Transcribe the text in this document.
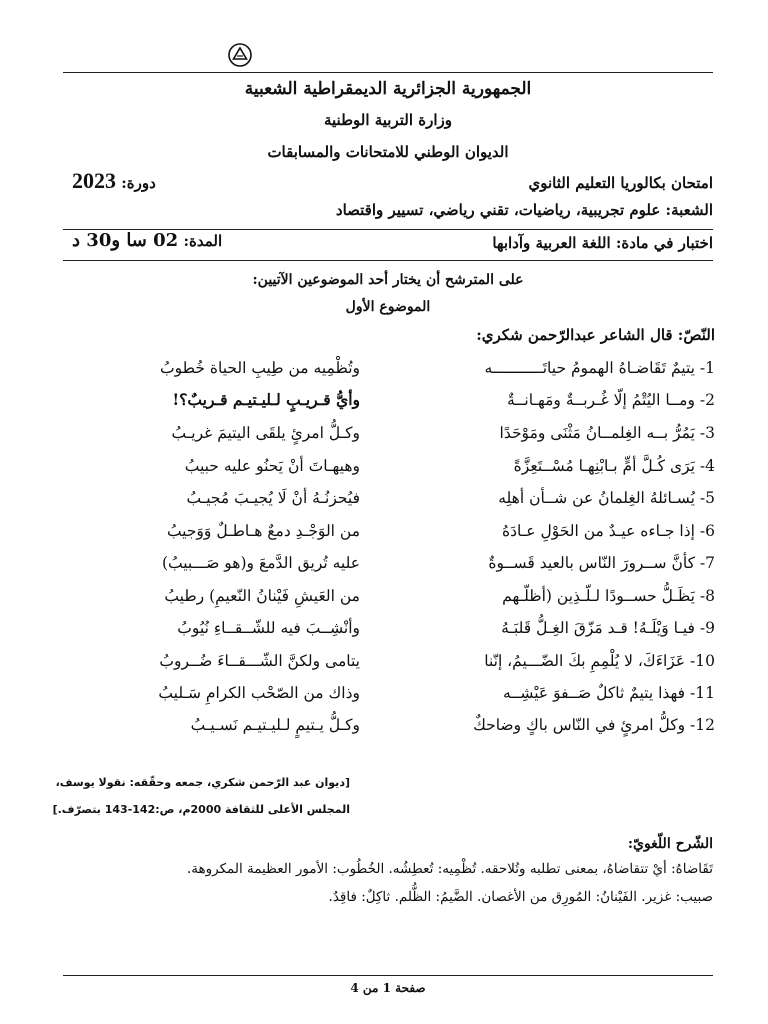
الجمهورية الجزائرية الديمقراطية الشعبية
وزارة التربية الوطنية
الديوان الوطني للامتحانات والمسابقات
امتحان بكالوريا التعليم الثانوي
دورة: 2023
الشعبة: علوم تجريبية، رياضيات، تقني رياضي، تسيير واقتصاد
اختبار في مادة: اللغة العربية وآدابها
المدة: 02 سا و30 د
على المترشح أن يختار أحد الموضوعين الآتيين:
الموضوع الأول
النّصّ: قال الشاعر عبدالرّحمن شكري:
1- يتيمٌ تَقَاضـاهُ الهمومُ حياتَـــــــــــه
وتُظْمِيه من طِيبِ الحياة خُطوبُ
2- ومــا اليُتْمُ إلّا غُـربــةٌ ومَهـانــةٌ
وأيُّ قـريـبٍ لـليـتيـم قـريبٌ؟!
3- يَمُرُّ بــه الغِلمــانُ مَثْنَى ومَوْحَدًا
وكـلُّ امرئٍ يلقَى اليتيمَ غريـبُ
4- يَرَى كُـلَّ أمٍّ بـابْنِهـا مُسْــتَعِزَّةً
وهيهـاتَ أنْ يَحنُو عليه حبيبُ
5- يُسـائلهُ الغِلمانُ عن شــأن أهلِه
فيُحزنُـهُ أنْ لَا يُجيـبَ مُجيـبُ
6- إذا جـاءه عيـدٌ من الحَوْلِ عـادَهُ
من الوَجْـدِ دمعٌ هـاطـلٌ وَوَجيبُ
7- كأنَّ ســرورَ النّاس بالعيد قَســوةٌ
عليه تُريق الدَّمعَ و(هو صَـــبيبُ)
8- يَظَـلُّ حســودًا لـلّـذِين (أظلّـهم
من العَيشِ فَيْنانُ النّعيمِ) رطيبُ
9- فيـا وَيْلَـهُ! قـد مَزّقَ الغِـلُّ قَلبَـهُ
وأنْشِــبَ فيه للشّــقــاءِ نُيُوبُ
10- عَزَاءَكَ، لا يُلْمِمِ بكَ الضّـــيمُ، إنّنا
يتامى ولكنَّ الشّـــقــاءَ ضُــروبُ
11- فهذا يتيمٌ ثاكلٌ صَــفوَ عَيْشِــه
وذاك من الصّحْب الكرامِ سَـليبُ
12- وكلُّ امرئٍ في النّاس باكٍ وضاحكٌ
وكـلُّ يـتيمٍ لـليـتيـم نَسـيـبُ
[ديوان عبد الرّحمن شكري، جمعه وحقّقه: نقولا يوسف،
المجلس الأعلى للثقافة 2000م، ص:142-143 بتصرّف.]
الشّرح اللّغويّ:
تَقَاضاهُ: أيْ تتقاضاهُ، بمعنى تطلبه وتُلاحقه. تُظْمِيه: تُعطِشُه. الخُطُوب: الأمور العظيمة المكروهة.
صبيب: غزير. الفَيْنانُ: المُورِق من الأغصان. الضَّيمُ: الظُّلم. ثاكِلٌ: فاقِدٌ.
صفحة 1 من 4
